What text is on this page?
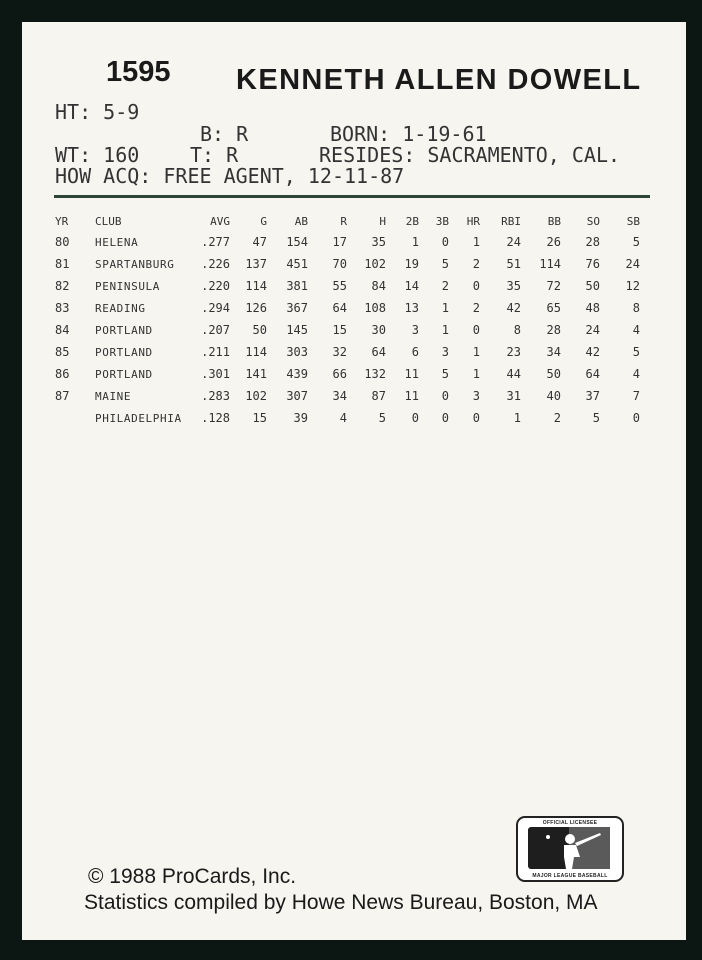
1595 KENNETH ALLEN DOWELL
HT: 5-9
B: R	BORN: 1-19-61
WT: 160	T: R	RESIDES: SACRAMENTO, CAL.
HOW ACQ: FREE AGENT, 12-11-87
YR CLUB	AVG	G	AB	R	H	2B	3B	HR	RBI	BB	SO	SB
80 HELENA	.277	47	154	17	35	1	0	1	24	26	28	5
81 SPARTANBURG	.226	137	451	70	102	19	5	2	51	114	76	24
82 PENINSULA	.220	114	381	55	84	14	2	0	35	72	50	12
83 READING	.294	126	367	64	108	13	1	2	42	65	48	8
84 PORTLAND	.207	50	145	15	30	3	1	0	8	28	24	4
85 PORTLAND	.211	114	303	32	64	6	3	1	23	34	42	5
86 PORTLAND	.301	141	439	66	132	11	5	1	44	50	64	4
87 MAINE	.283	102	307	34	87	11	0	3	31	40	37	7
PHILADELPHIA	.128	15	39	4	5	0	0	0	1	2	5	0
OFFICIAL LICENSEE
MAJOR LEAGUE BASEBALL
© 1988 ProCards, Inc.
Statistics compiled by Howe News Bureau, Boston, MA
